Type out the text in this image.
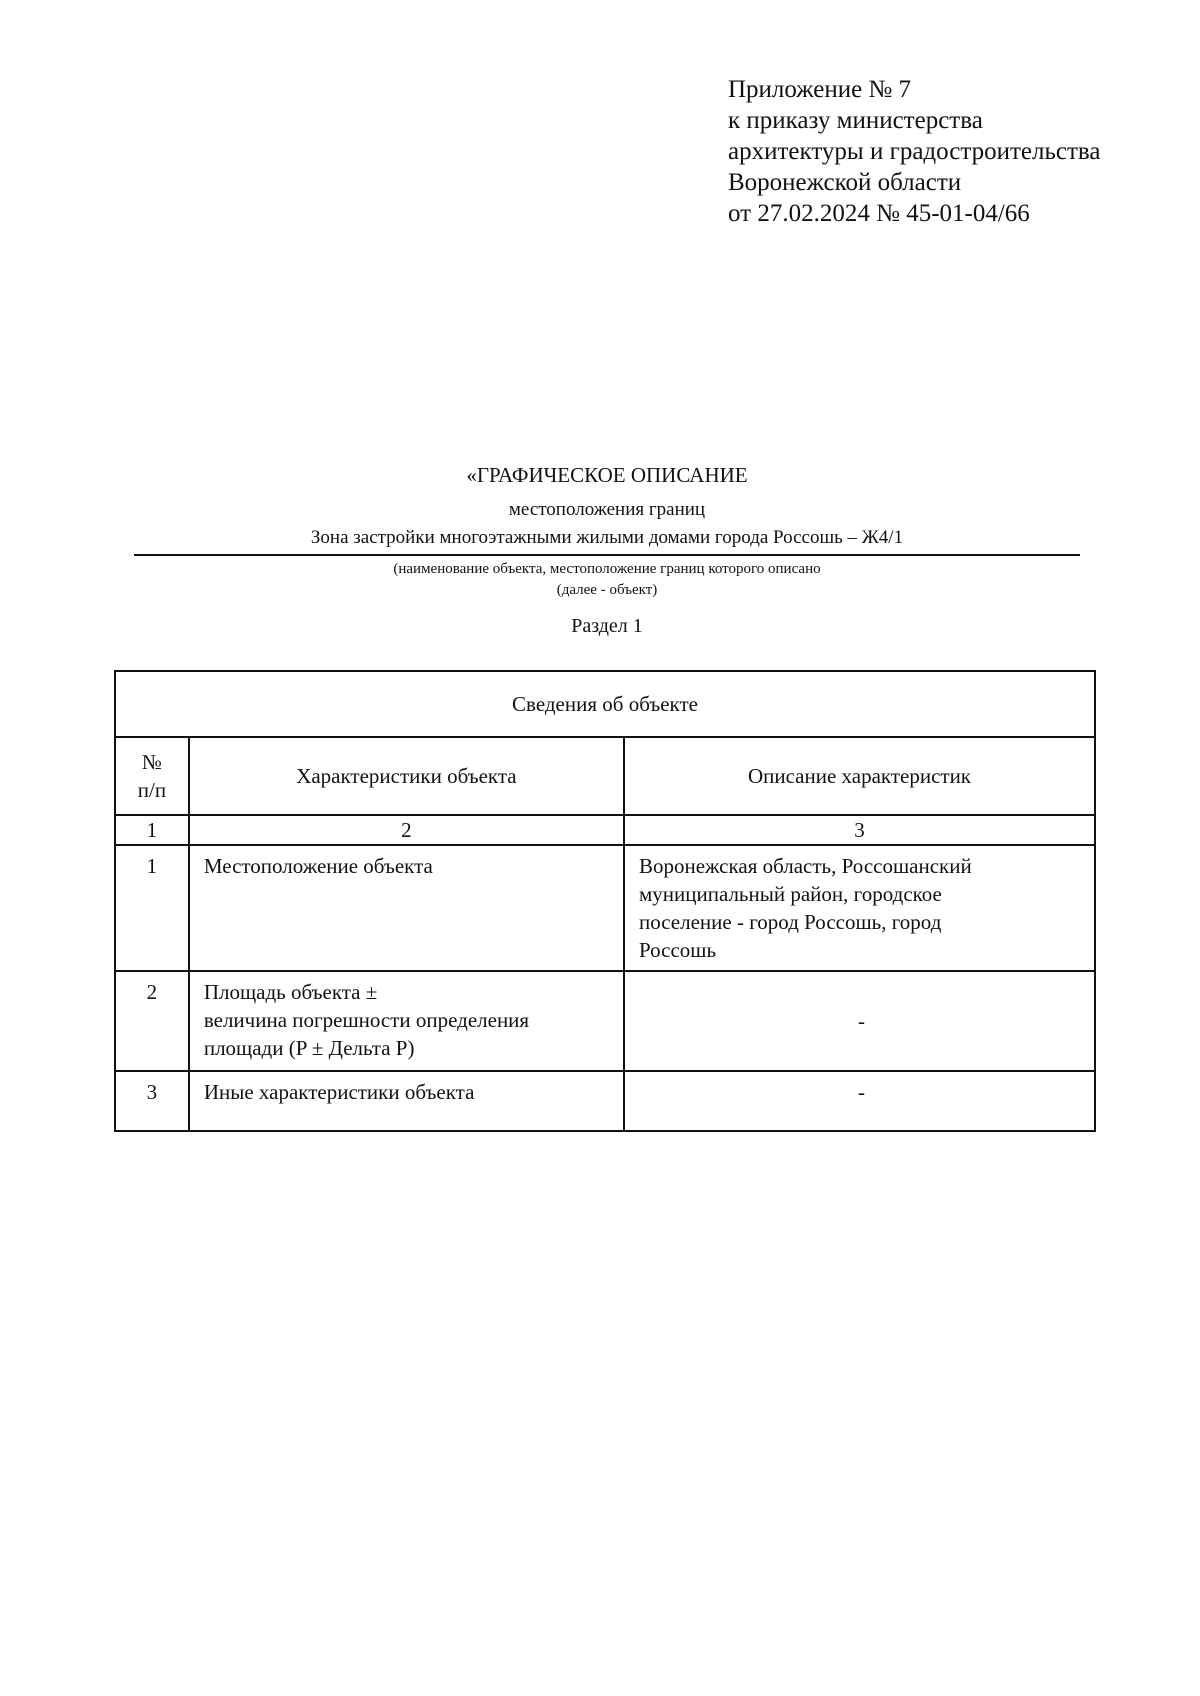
Приложение № 7
к приказу министерства
архитектуры и градостроительства
Воронежской области
от 27.02.2024 № 45-01-04/66
«ГРАФИЧЕСКОЕ ОПИСАНИЕ
местоположения границ
Зона застройки многоэтажными жилыми домами города Россошь – Ж4/1
(наименование объекта, местоположение границ которого описано
(далее - объект)
Раздел 1
Сведения об объекте		

№
п/п	Характеристики объекта	Описание характеристик
1	2	3
1	Местоположение объекта	Воронежская область, Россошанский
муниципальный район, городское
поселение - город Россошь, город
Россошь

2	Площадь объекта ±
величина погрешности определения
площади (P ± Дельта P)	-

3	Иные характеристики объекта	-
